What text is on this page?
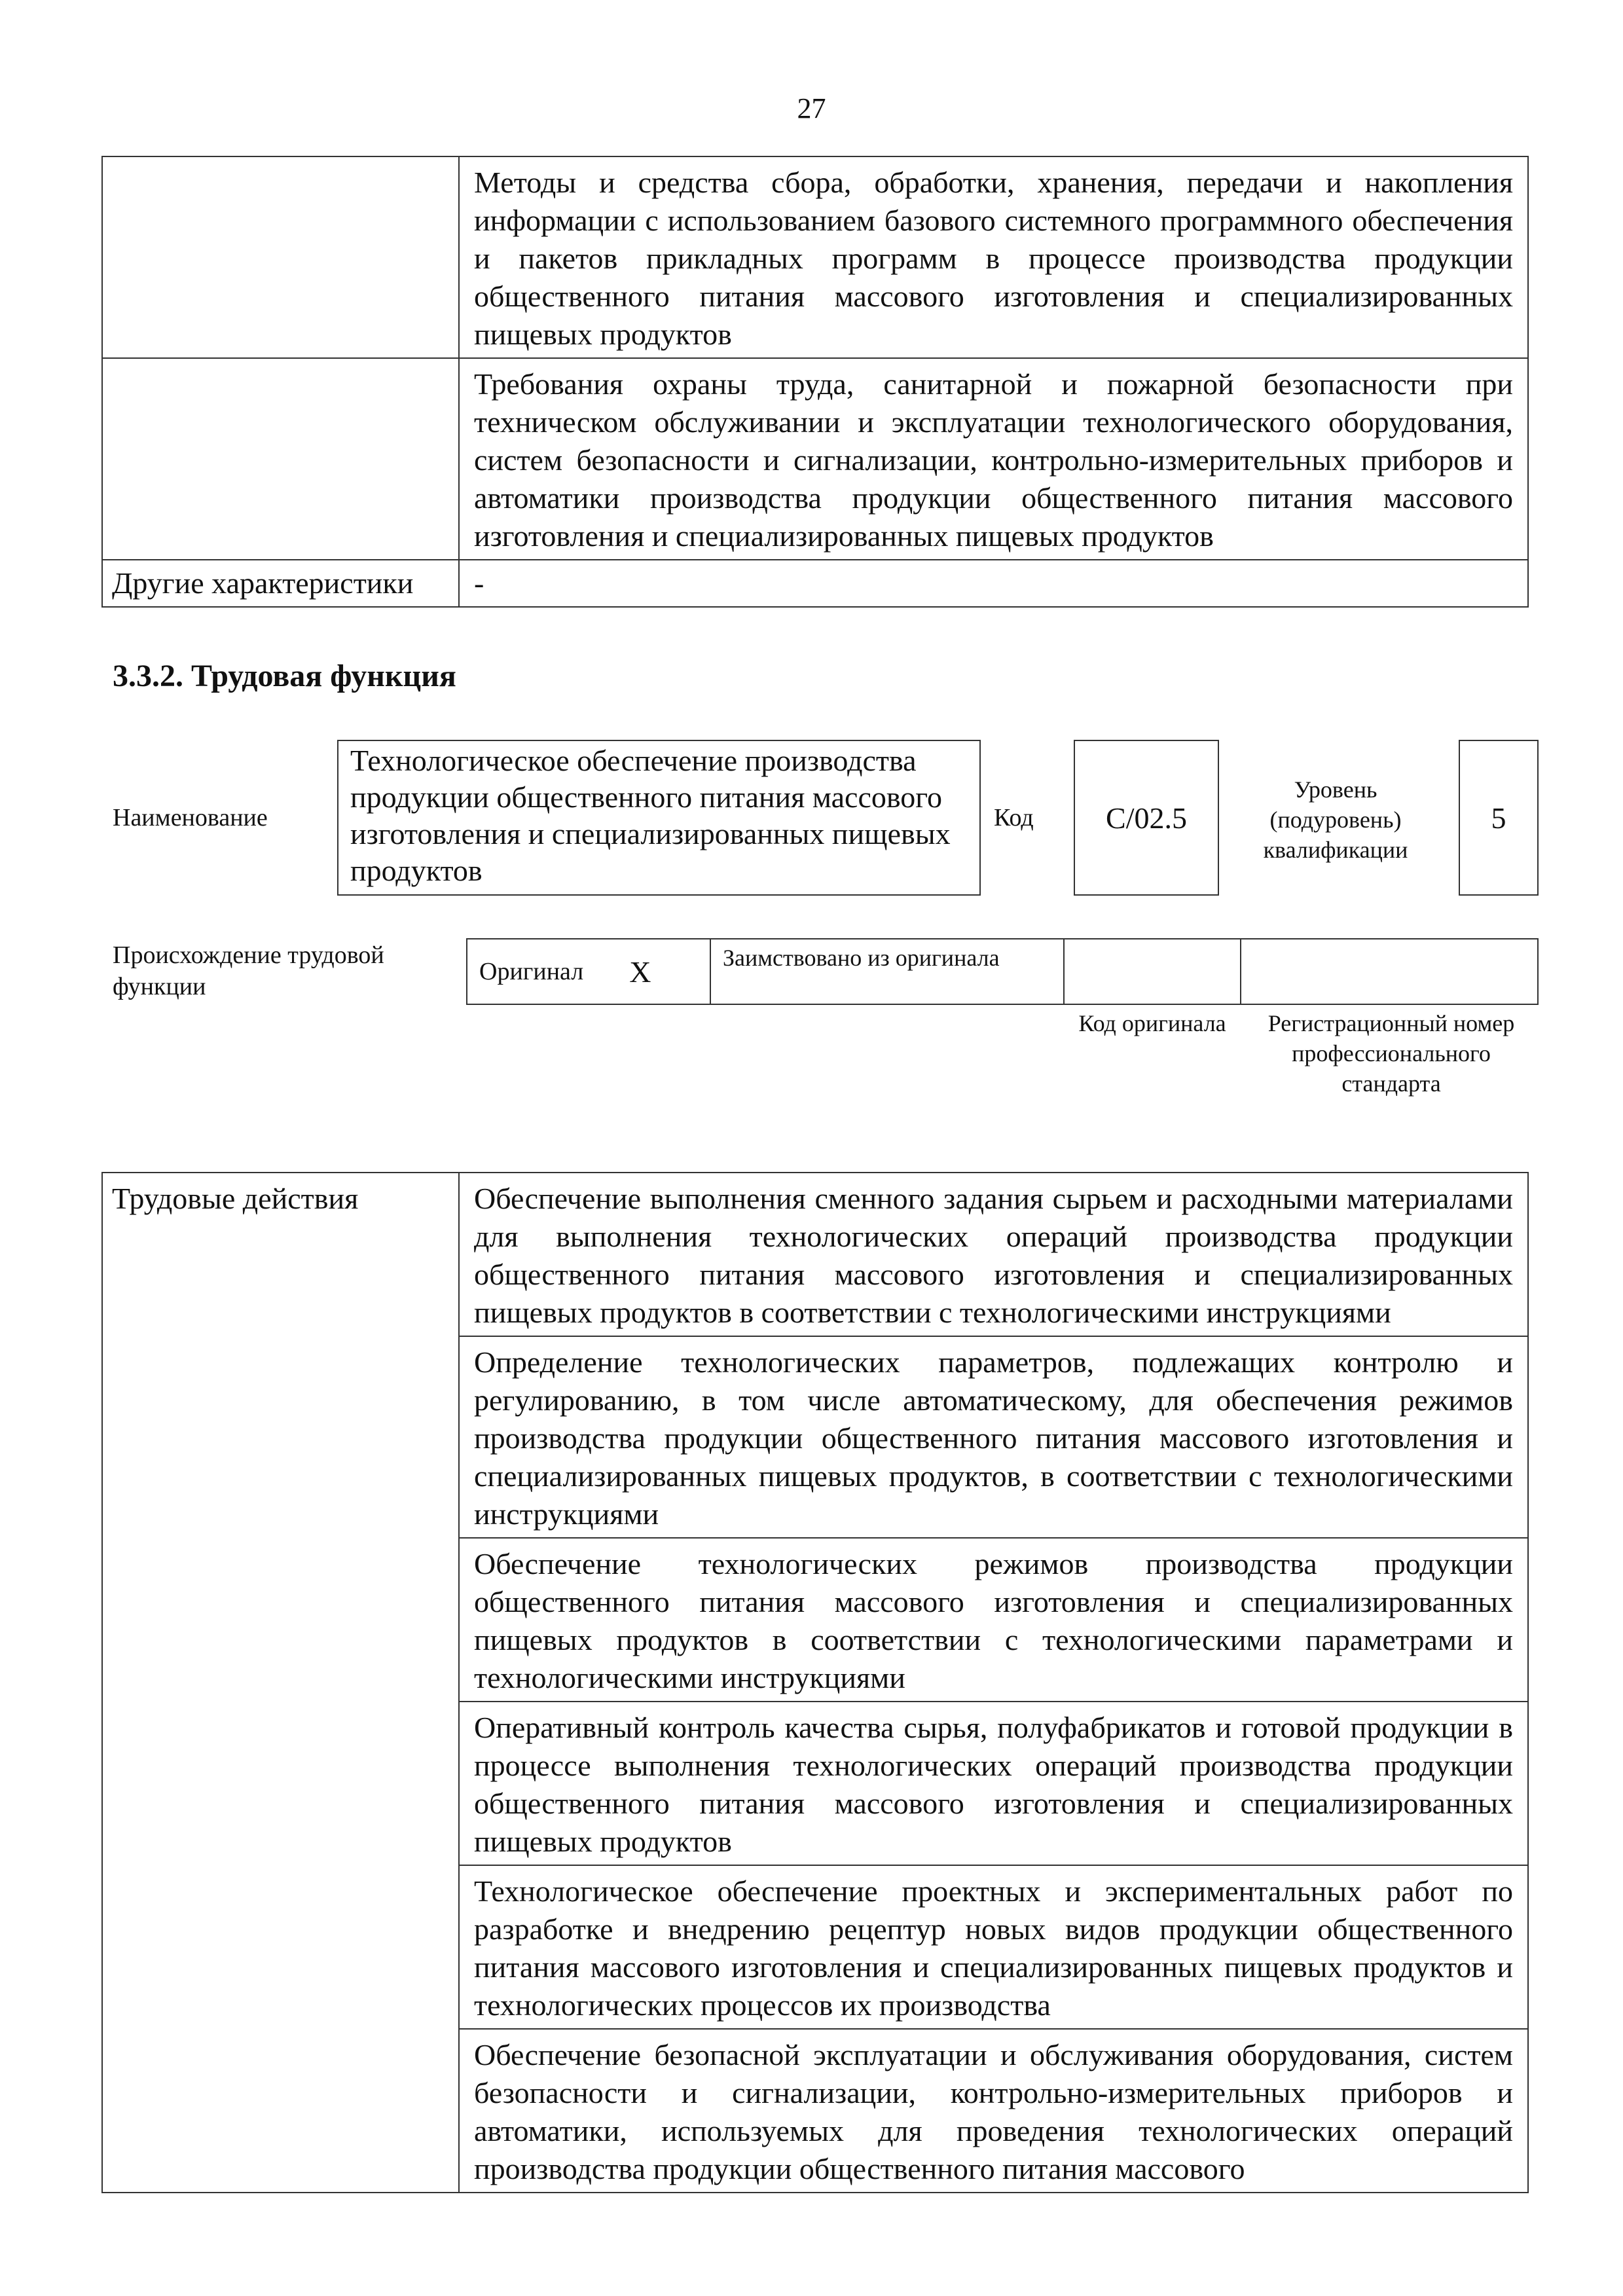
27

	Методы и средства сбора, обработки, хранения, передачи и накопления информации с использованием базового системного программного обеспечения и пакетов прикладных программ в процессе производства продукции общественного питания массового изготовления и специализированных пищевых продуктов

	Требования охраны труда, санитарной и пожарной безопасности при техническом обслуживании и эксплуатации технологического оборудования, систем безопасности и сигнализации, контрольно-измерительных приборов и автоматики производства продукции общественного питания массового изготовления и специализированных пищевых продуктов

Другие характеристики	-
3.3.2. Трудовая функция
Наименование
Технологическое обеспечение производства продукции общественного питания массового изготовления и специализированных пищевых продуктов
Код	C/02.5
Уровень (подуровень) квалификации
5
Происхождение трудовой функции
Оригинал X	Заимствовано из оригинала
Код оригинала	Регистрационный номер профессионального стандарта
Трудовые действия	Обеспечение выполнения сменного задания сырьем и расходными материалами для выполнения технологических операций производства продукции общественного питания массового изготовления и специализированных пищевых продуктов в соответствии с технологическими инструкциями

Определение технологических параметров, подлежащих контролю и регулированию, в том числе автоматическому, для обеспечения режимов производства продукции общественного питания массового изготовления и специализированных пищевых продуктов, в соответствии с технологическими инструкциями

Обеспечение технологических режимов производства продукции общественного питания массового изготовления и специализированных пищевых продуктов в соответствии с технологическими параметрами и технологическими инструкциями

Оперативный контроль качества сырья, полуфабрикатов и готовой продукции в процессе выполнения технологических операций производства продукции общественного питания массового изготовления и специализированных пищевых продуктов

Технологическое обеспечение проектных и экспериментальных работ по разработке и внедрению рецептур новых видов продукции общественного питания массового изготовления и специализированных пищевых продуктов и технологических процессов их производства

Обеспечение безопасной эксплуатации и обслуживания оборудования, систем безопасности и сигнализации, контрольно-измерительных приборов и автоматики, используемых для проведения технологических операций производства продукции общественного питания массового
